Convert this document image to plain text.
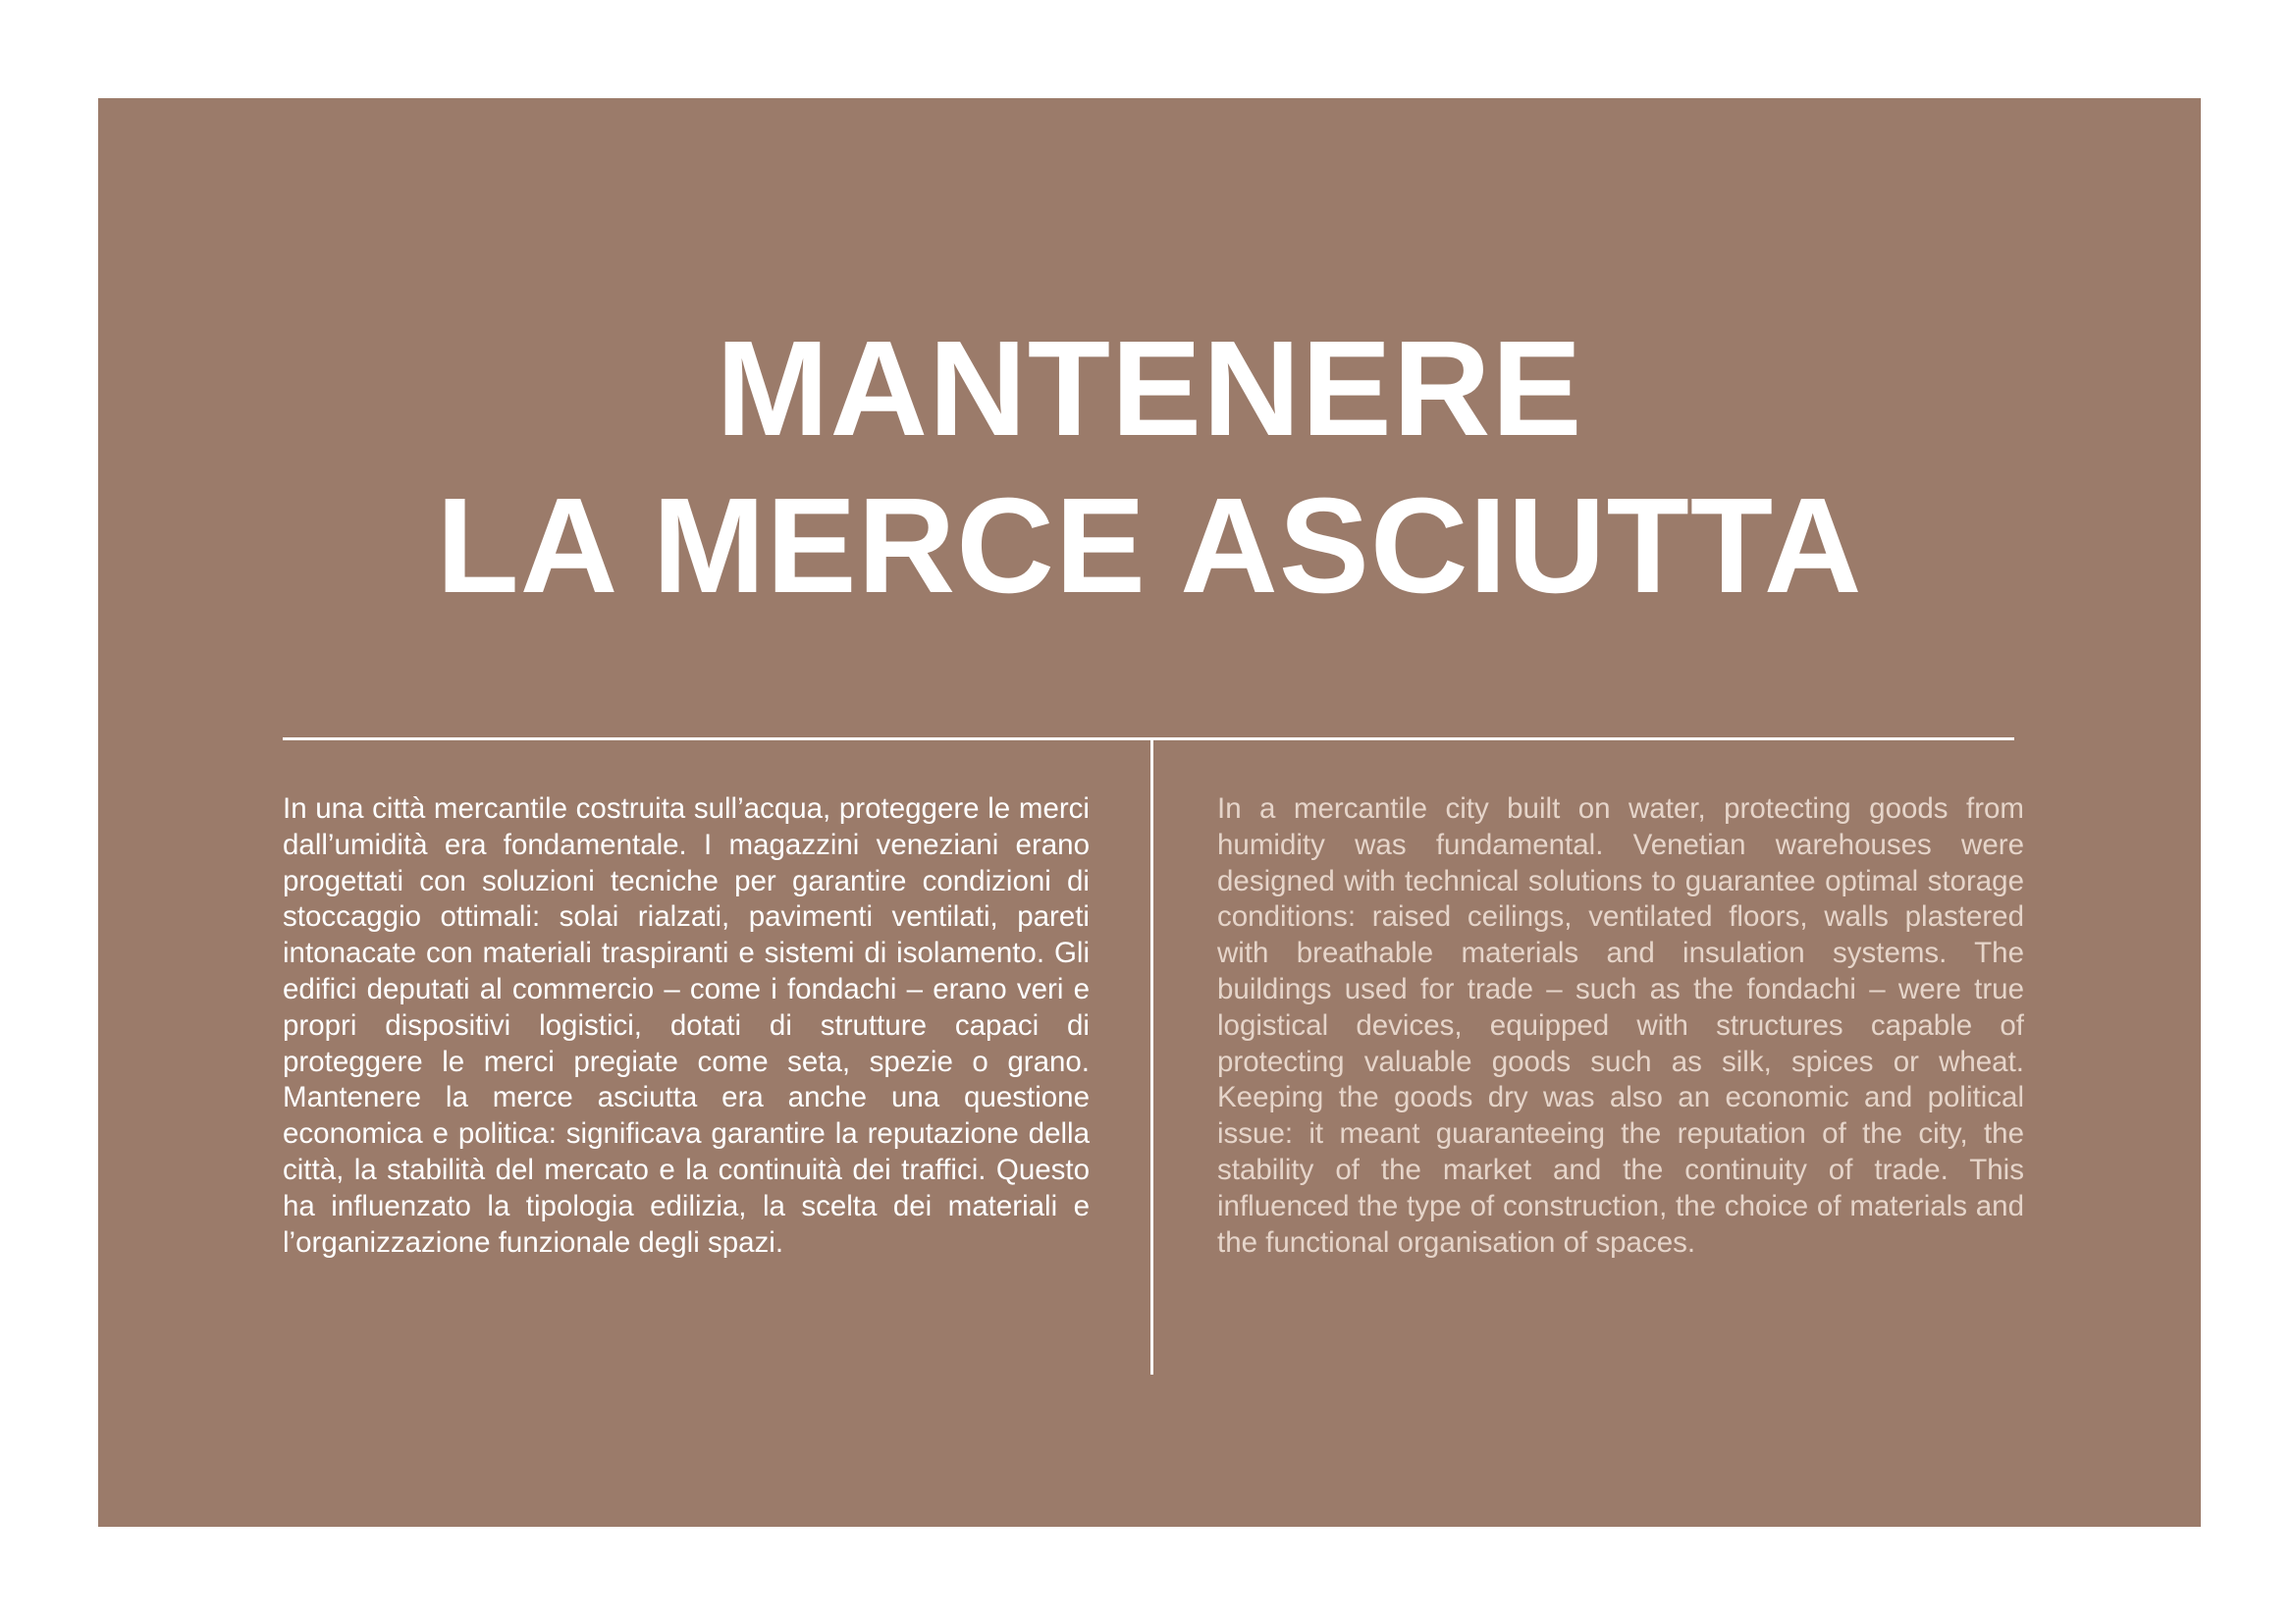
MANTENERE
LA MERCE ASCIUTTA

In una città mercantile costruita sull’acqua, proteggere le merci dall’umidità era fondamentale. I magazzini veneziani erano progettati con soluzioni tecniche per garantire condizioni di stoccaggio ottimali: solai rialzati, pavimenti ventilati, pareti intonacate con materiali traspiranti e sistemi di isolamento. Gli edifici deputati al commercio – come i fondachi – erano veri e propri dispositivi logistici, dotati di strutture capaci di proteggere le merci pregiate come seta, spezie o grano. Mantenere la merce asciutta era anche una questione economica e politica: significava garantire la reputazione della città, la stabilità del mercato e la continuità dei traffici. Questo ha influenzato la tipologia edilizia, la scelta dei materiali e l’organizzazione funzionale degli spazi.

In a mercantile city built on water, protecting goods from humidity was fundamental. Venetian warehouses were designed with technical solutions to guarantee optimal storage conditions: raised ceilings, ventilated floors, walls plastered with breathable materials and insulation systems. The buildings used for trade – such as the fondachi – were true logistical devices, equipped with structures capable of protecting valuable goods such as silk, spices or wheat. Keeping the goods dry was also an economic and political issue: it meant guaranteeing the reputation of the city, the stability of the market and the continuity of trade. This influenced the type of construction, the choice of materials and the functional organisation of spaces.
